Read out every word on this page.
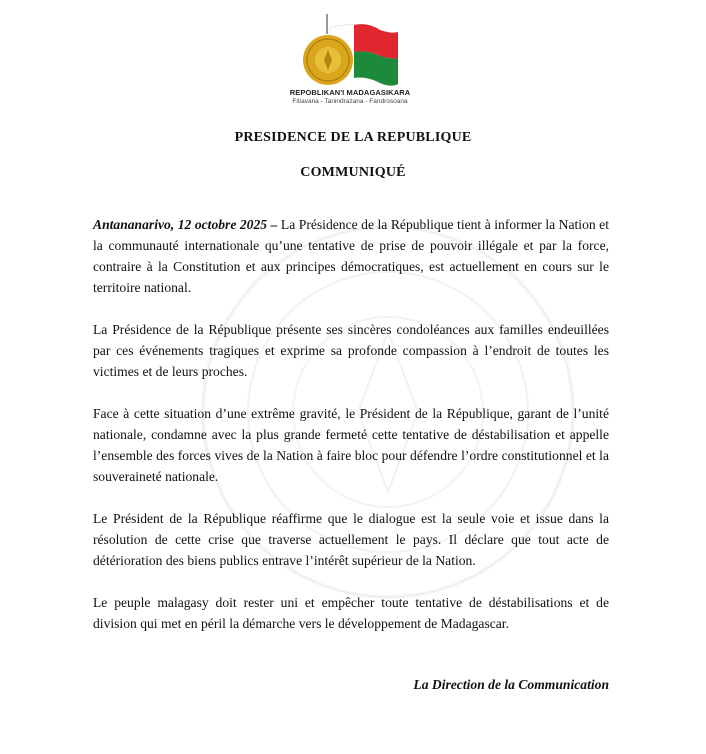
REPOBLIKAN'I MADAGASIKARA
Fitiavana - Tanindrazana - Fandrosoana
PRESIDENCE DE LA REPUBLIQUE
COMMUNIQUÉ

Antananarivo, 12 octobre 2025 – La Présidence de la République tient à informer la Nation et la communauté internationale qu’une tentative de prise de pouvoir illégale et par la force, contraire à la Constitution et aux principes démocratiques, est actuellement en cours sur le territoire national.

La Présidence de la République présente ses sincères condoléances aux familles endeuillées par ces événements tragiques et exprime sa profonde compassion à l’endroit de toutes les victimes et de leurs proches.

Face à cette situation d’une extrême gravité, le Président de la République, garant de l’unité nationale, condamne avec la plus grande fermeté cette tentative de déstabilisation et appelle l’ensemble des forces vives de la Nation à faire bloc pour défendre l’ordre constitutionnel et la souveraineté nationale.

Le Président de la République réaffirme que le dialogue est la seule voie et issue dans la résolution de cette crise que traverse actuellement le pays. Il déclare que tout acte de détérioration des biens publics entrave l’intérêt supérieur de la Nation.

Le peuple malagasy doit rester uni et empêcher toute tentative de déstabilisations et de division qui met en péril la démarche vers le développement de Madagascar.

La Direction de la Communication
